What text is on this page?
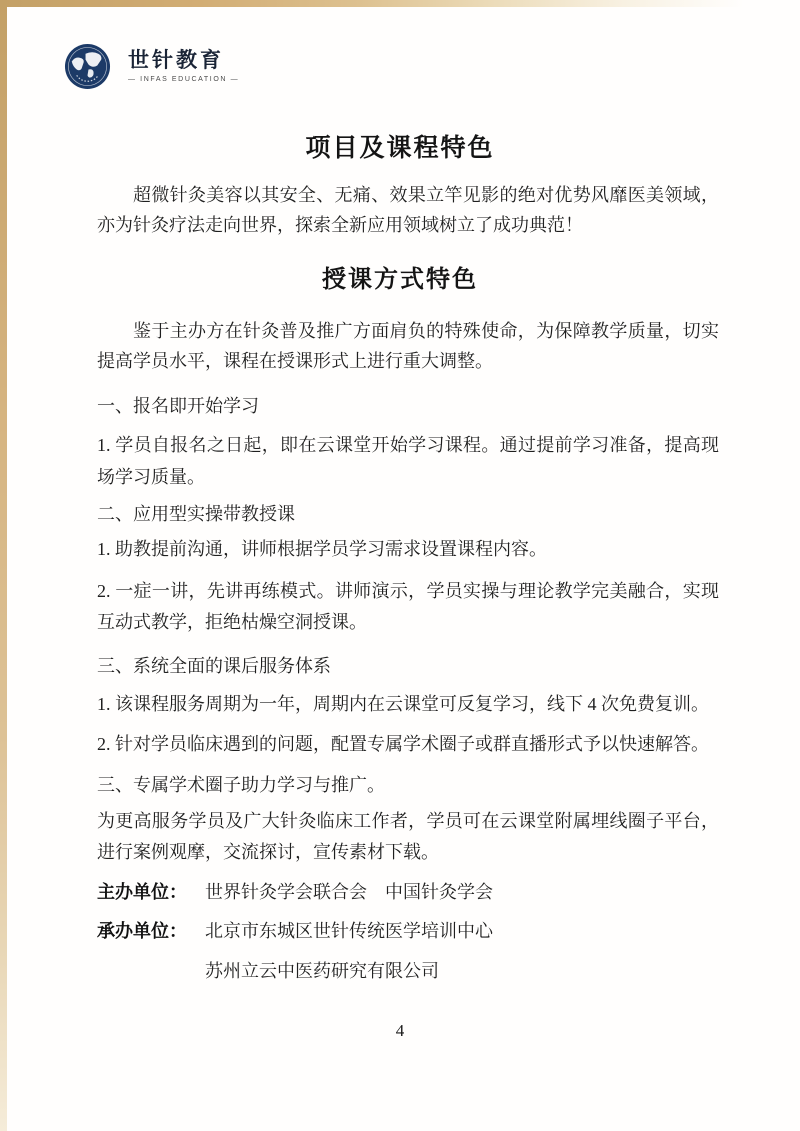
世针教育
— INFAS EDUCATION —
项目及课程特色
超微针灸美容以其安全、无痛、效果立竿见影的绝对优势风靡医美领域，亦为针灸疗法走向世界，探索全新应用领域树立了成功典范！
授课方式特色
鉴于主办方在针灸普及推广方面肩负的特殊使命，为保障教学质量，切实提高学员水平，课程在授课形式上进行重大调整。
一、报名即开始学习
1. 学员自报名之日起，即在云课堂开始学习课程。通过提前学习准备，提高现场学习质量。
二、应用型实操带教授课
1. 助教提前沟通，讲师根据学员学习需求设置课程内容。
2. 一症一讲，先讲再练模式。讲师演示，学员实操与理论教学完美融合，实现互动式教学，拒绝枯燥空洞授课。
三、系统全面的课后服务体系
1. 该课程服务周期为一年，周期内在云课堂可反复学习，线下 4 次免费复训。
2. 针对学员临床遇到的问题，配置专属学术圈子或群直播形式予以快速解答。
三、专属学术圈子助力学习与推广。
为更高服务学员及广大针灸临床工作者，学员可在云课堂附属埋线圈子平台，进行案例观摩，交流探讨，宣传素材下载。
主办单位：	世界针灸学会联合会　中国针灸学会
承办单位：	北京市东城区世针传统医学培训中心
苏州立云中医药研究有限公司
4
